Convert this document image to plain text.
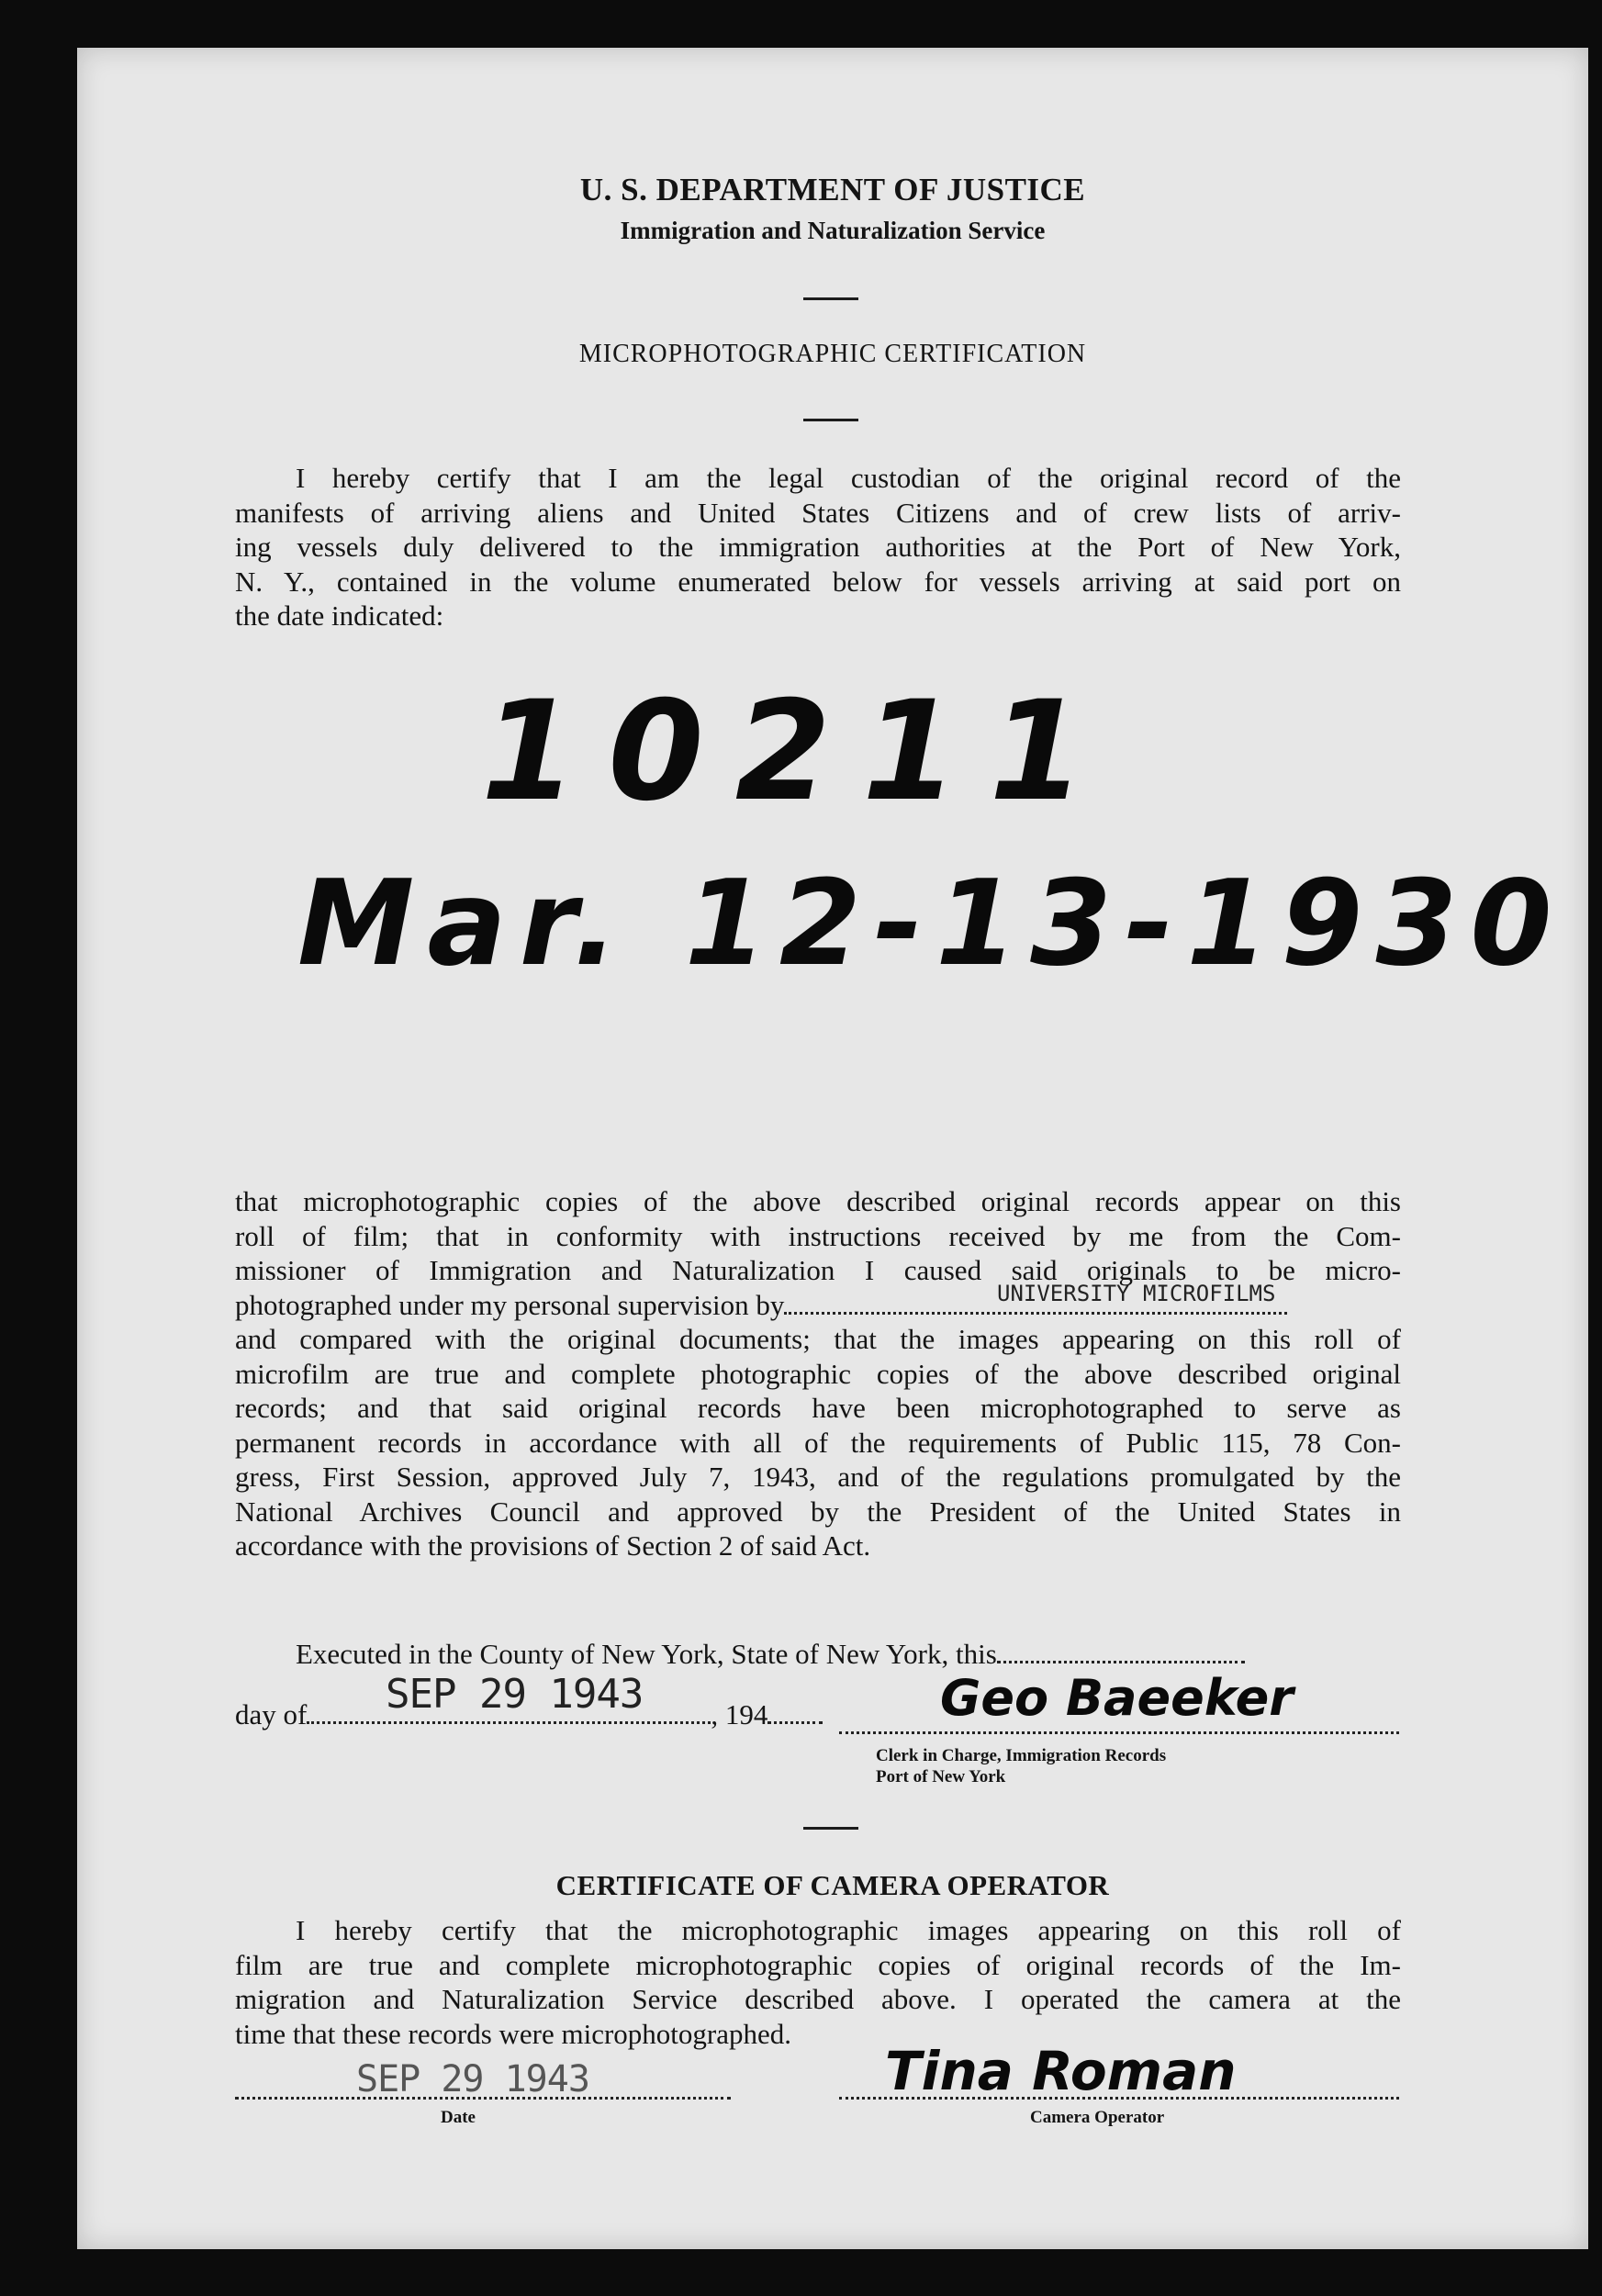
U. S. DEPARTMENT OF JUSTICE
Immigration and Naturalization Service
MICROPHOTOGRAPHIC CERTIFICATION
I hereby certify that I am the legal custodian of the original record of the
manifests of arriving aliens and United States Citizens and of crew lists of arriv-
ing vessels duly delivered to the immigration authorities at the Port of New York,
N. Y., contained in the volume enumerated below for vessels arriving at said port on
the date indicated:
10211
Mar. 12-13-1930
that microphotographic copies of the above described original records appear on this
roll of film; that in conformity with instructions received by me from the Com-
missioner of Immigration and Naturalization I caused said originals to be micro-
photographed under my personal supervision by	UNIVERSITY MICROFILMS
and compared with the original documents; that the images appearing on this roll of
microfilm are true and complete photographic copies of the above described original
records; and that said original records have been microphotographed to serve as
permanent records in accordance with all of the requirements of Public 115, 78 Con-
gress, First Session, approved July 7, 1943, and of the regulations promulgated by the
National Archives Council and approved by the President of the United States in
accordance with the provisions of Section 2 of said Act.
Executed in the County of New York, State of New York, this
day of	, 194
SEP 29 1943	Geo Baeeker
Clerk in Charge, Immigration Records
Port of New York
CERTIFICATE OF CAMERA OPERATOR
I hereby certify that the microphotographic images appearing on this roll of
film are true and complete microphotographic copies of original records of the Im-
migration and Naturalization Service described above. I operated the camera at the
time that these records were microphotographed.
SEP 29 1943
Date
Tina Roman
Camera Operator
